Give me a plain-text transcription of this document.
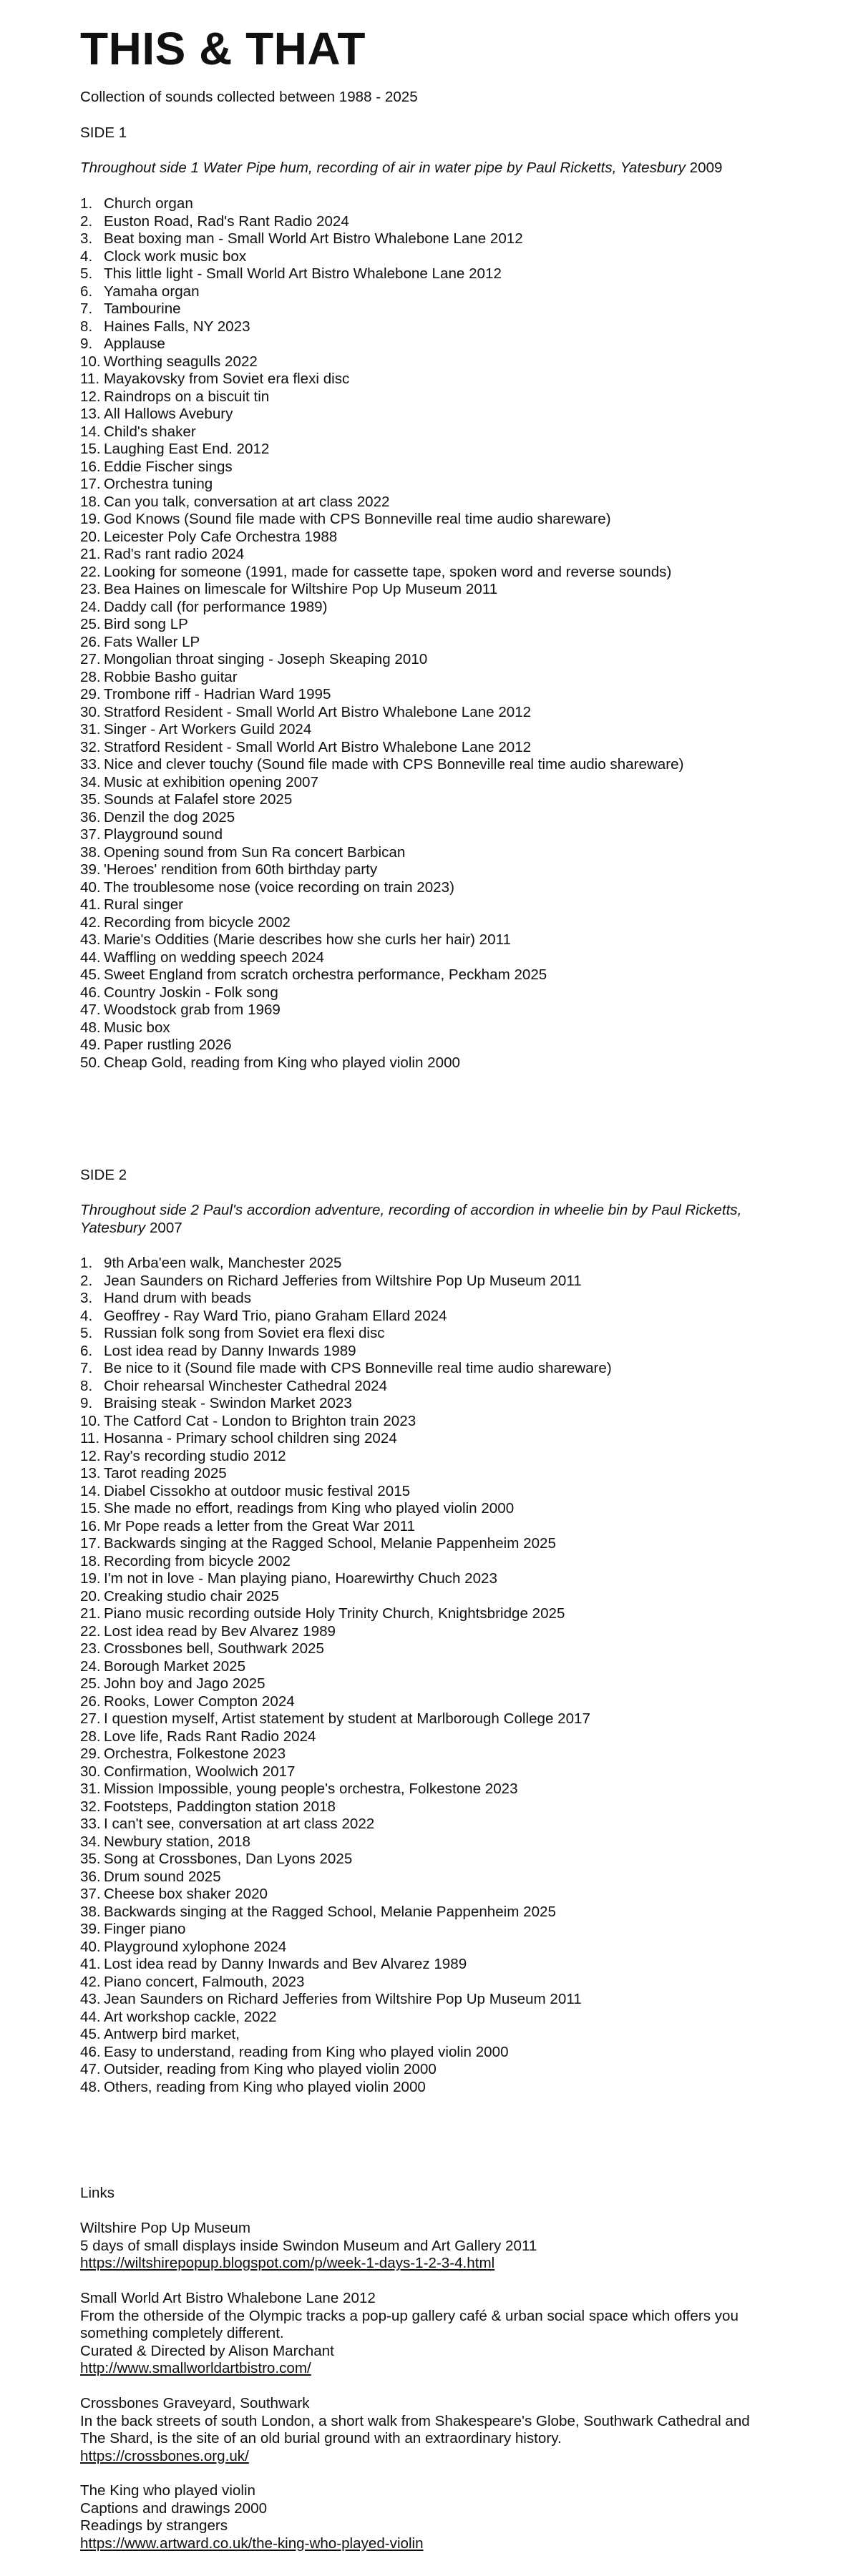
THIS & THAT

Collection of sounds collected between 1988 - 2025

SIDE 1

Throughout side 1 Water Pipe hum, recording of air in water pipe by Paul Ricketts, Yatesbury 2009

1. Church organ
2. Euston Road, Rad's Rant Radio 2024
3. Beat boxing man - Small World Art Bistro Whalebone Lane 2012
4. Clock work music box
5. This little light - Small World Art Bistro Whalebone Lane 2012
6. Yamaha organ
7. Tambourine
8. Haines Falls, NY 2023
9. Applause
10. Worthing seagulls 2022
11. Mayakovsky from Soviet era flexi disc
12. Raindrops on a biscuit tin
13. All Hallows Avebury
14. Child's shaker
15. Laughing East End. 2012
16. Eddie Fischer sings
17. Orchestra tuning
18. Can you talk, conversation at art class 2022
19. God Knows (Sound file made with CPS Bonneville real time audio shareware)
20. Leicester Poly Cafe Orchestra 1988
21. Rad's rant radio 2024
22. Looking for someone (1991, made for cassette tape, spoken word and reverse sounds)
23. Bea Haines on limescale for Wiltshire Pop Up Museum 2011
24. Daddy call (for performance 1989)
25. Bird song LP
26. Fats Waller LP
27. Mongolian throat singing - Joseph Skeaping 2010
28. Robbie Basho guitar
29. Trombone riff - Hadrian Ward 1995
30. Stratford Resident - Small World Art Bistro Whalebone Lane 2012
31. Singer - Art Workers Guild 2024
32. Stratford Resident - Small World Art Bistro Whalebone Lane 2012
33. Nice and clever touchy (Sound file made with CPS Bonneville real time audio shareware)
34. Music at exhibition opening 2007
35. Sounds at Falafel store 2025
36. Denzil the dog 2025
37. Playground sound
38. Opening sound from Sun Ra concert Barbican
39. 'Heroes' rendition from 60th birthday party
40. The troublesome nose (voice recording on train 2023)
41. Rural singer
42. Recording from bicycle 2002
43. Marie's Oddities (Marie describes how she curls her hair) 2011
44. Waffling on wedding speech 2024
45. Sweet England from scratch orchestra performance, Peckham 2025
46. Country Joskin - Folk song
47. Woodstock grab from 1969
48. Music box
49. Paper rustling 2026
50. Cheap Gold, reading from King who played violin 2000

SIDE 2

Throughout side 2 Paul's accordion adventure, recording of accordion in wheelie bin by Paul Ricketts, Yatesbury 2007

1. 9th Arba'een walk, Manchester 2025
2. Jean Saunders on Richard Jefferies from Wiltshire Pop Up Museum 2011
3. Hand drum with beads
4. Geoffrey - Ray Ward Trio, piano Graham Ellard 2024
5. Russian folk song from Soviet era flexi disc
6. Lost idea read by Danny Inwards 1989
7. Be nice to it (Sound file made with CPS Bonneville real time audio shareware)
8. Choir rehearsal Winchester Cathedral 2024
9. Braising steak - Swindon Market 2023
10. The Catford Cat - London to Brighton train 2023
11. Hosanna - Primary school children sing 2024
12. Ray's recording studio 2012
13. Tarot reading 2025
14. Diabel Cissokho at outdoor music festival 2015
15. She made no effort, readings from King who played violin 2000
16. Mr Pope reads a letter from the Great War 2011
17. Backwards singing at the Ragged School, Melanie Pappenheim 2025
18. Recording from bicycle 2002
19. I'm not in love - Man playing piano, Hoarewirthy Chuch 2023
20. Creaking studio chair 2025
21. Piano music recording outside Holy Trinity Church, Knightsbridge 2025
22. Lost idea read by Bev Alvarez 1989
23. Crossbones bell, Southwark 2025
24. Borough Market 2025
25. John boy and Jago 2025
26. Rooks, Lower Compton 2024
27. I question myself, Artist statement by student at Marlborough College 2017
28. Love life, Rads Rant Radio 2024
29. Orchestra, Folkestone 2023
30. Confirmation, Woolwich 2017
31. Mission Impossible, young people's orchestra, Folkestone 2023
32. Footsteps, Paddington station 2018
33. I can't see, conversation at art class 2022
34. Newbury station, 2018
35. Song at Crossbones, Dan Lyons 2025
36. Drum sound 2025
37. Cheese box shaker 2020
38. Backwards singing at the Ragged School, Melanie Pappenheim 2025
39. Finger piano
40. Playground xylophone 2024
41. Lost idea read by Danny Inwards and Bev Alvarez 1989
42. Piano concert, Falmouth, 2023
43. Jean Saunders on Richard Jefferies from Wiltshire Pop Up Museum 2011
44. Art workshop cackle, 2022
45. Antwerp bird market,
46. Easy to understand, reading from King who played violin 2000
47. Outsider, reading from King who played violin 2000
48. Others, reading from King who played violin 2000

Links

Wiltshire Pop Up Museum
5 days of small displays inside Swindon Museum and Art Gallery 2011
https://wiltshirepopup.blogspot.com/p/week-1-days-1-2-3-4.html
Small World Art Bistro Whalebone Lane 2012
From the otherside of the Olympic tracks a pop-up gallery café & urban social space which offers you something completely different.
Curated & Directed by Alison Marchant
http://www.smallworldartbistro.com/
Crossbones Graveyard, Southwark
In the back streets of south London, a short walk from Shakespeare's Globe, Southwark Cathedral and The Shard, is the site of an old burial ground with an extraordinary history.
https://crossbones.org.uk/
The King who played violin
Captions and drawings 2000
Readings by strangers
https://www.artward.co.uk/the-king-who-played-violin
